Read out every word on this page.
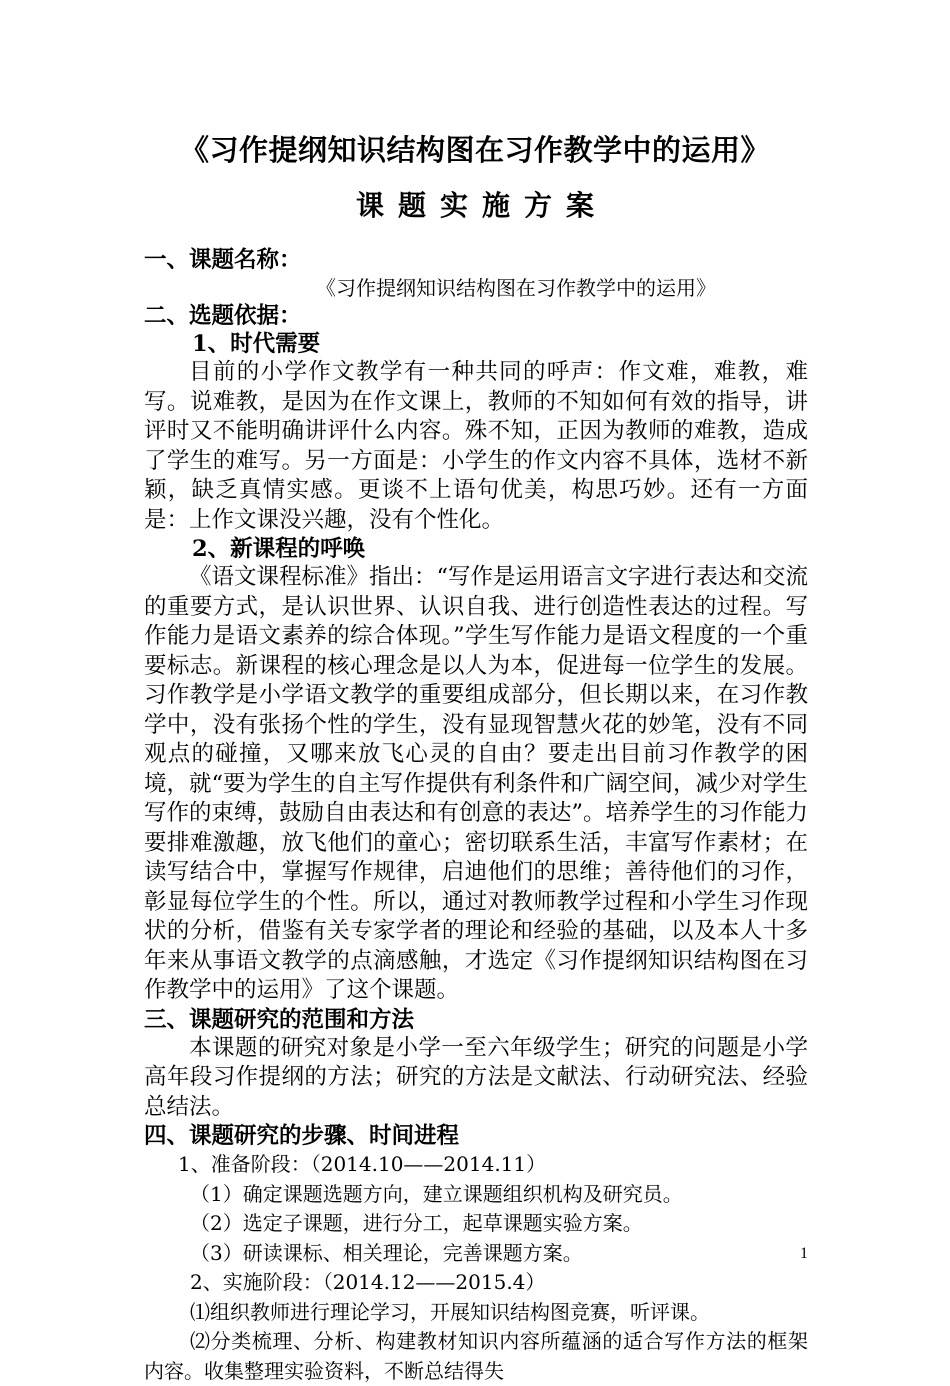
《习作提纲知识结构图在习作教学中的运用》
课题实施方案
一、课题名称：
《习作提纲知识结构图在习作教学中的运用》
二、选题依据：
1、时代需要
目前的小学作文教学有一种共同的呼声：作文难，难教，难写。说难教，是因为在作文课上，教师的不知如何有效的指导，讲评时又不能明确讲评什么内容。殊不知，正因为教师的难教，造成了学生的难写。另一方面是：小学生的作文内容不具体，选材不新颖，缺乏真情实感。更谈不上语句优美，构思巧妙。还有一方面是：上作文课没兴趣，没有个性化。
2、新课程的呼唤
《语文课程标准》指出：“写作是运用语言文字进行表达和交流的重要方式，是认识世界、认识自我、进行创造性表达的过程。写作能力是语文素养的综合体现。”学生写作能力是语文程度的一个重要标志。新课程的核心理念是以人为本，促进每一位学生的发展。习作教学是小学语文教学的重要组成部分，但长期以来，在习作教学中，没有张扬个性的学生，没有显现智慧火花的妙笔，没有不同观点的碰撞，又哪来放飞心灵的自由？要走出目前习作教学的困境，就“要为学生的自主写作提供有利条件和广阔空间，减少对学生写作的束缚，鼓励自由表达和有创意的表达”。培养学生的习作能力要排难激趣，放飞他们的童心；密切联系生活，丰富写作素材；在读写结合中，掌握写作规律，启迪他们的思维；善待他们的习作，彰显每位学生的个性。所以，通过对教师教学过程和小学生习作现状的分析，借鉴有关专家学者的理论和经验的基础，以及本人十多年来从事语文教学的点滴感触，才选定《习作提纲知识结构图在习作教学中的运用》了这个课题。
三、课题研究的范围和方法
本课题的研究对象是小学一至六年级学生；研究的问题是小学高年段习作提纲的方法；研究的方法是文献法、行动研究法、经验总结法。
四、课题研究的步骤、时间进程
1、准备阶段：（2014.10——2014.11）
（1）确定课题选题方向，建立课题组织机构及研究员。
（2）选定子课题，进行分工，起草课题实验方案。
（3）研读课标、相关理论，完善课题方案。
2、实施阶段：（2014.12——2015.4）
⑴组织教师进行理论学习，开展知识结构图竞赛，听评课。
⑵分类梳理、分析、构建教材知识内容所蕴涵的适合写作方法的框架内容。收集整理实验资料，不断总结得失
1
